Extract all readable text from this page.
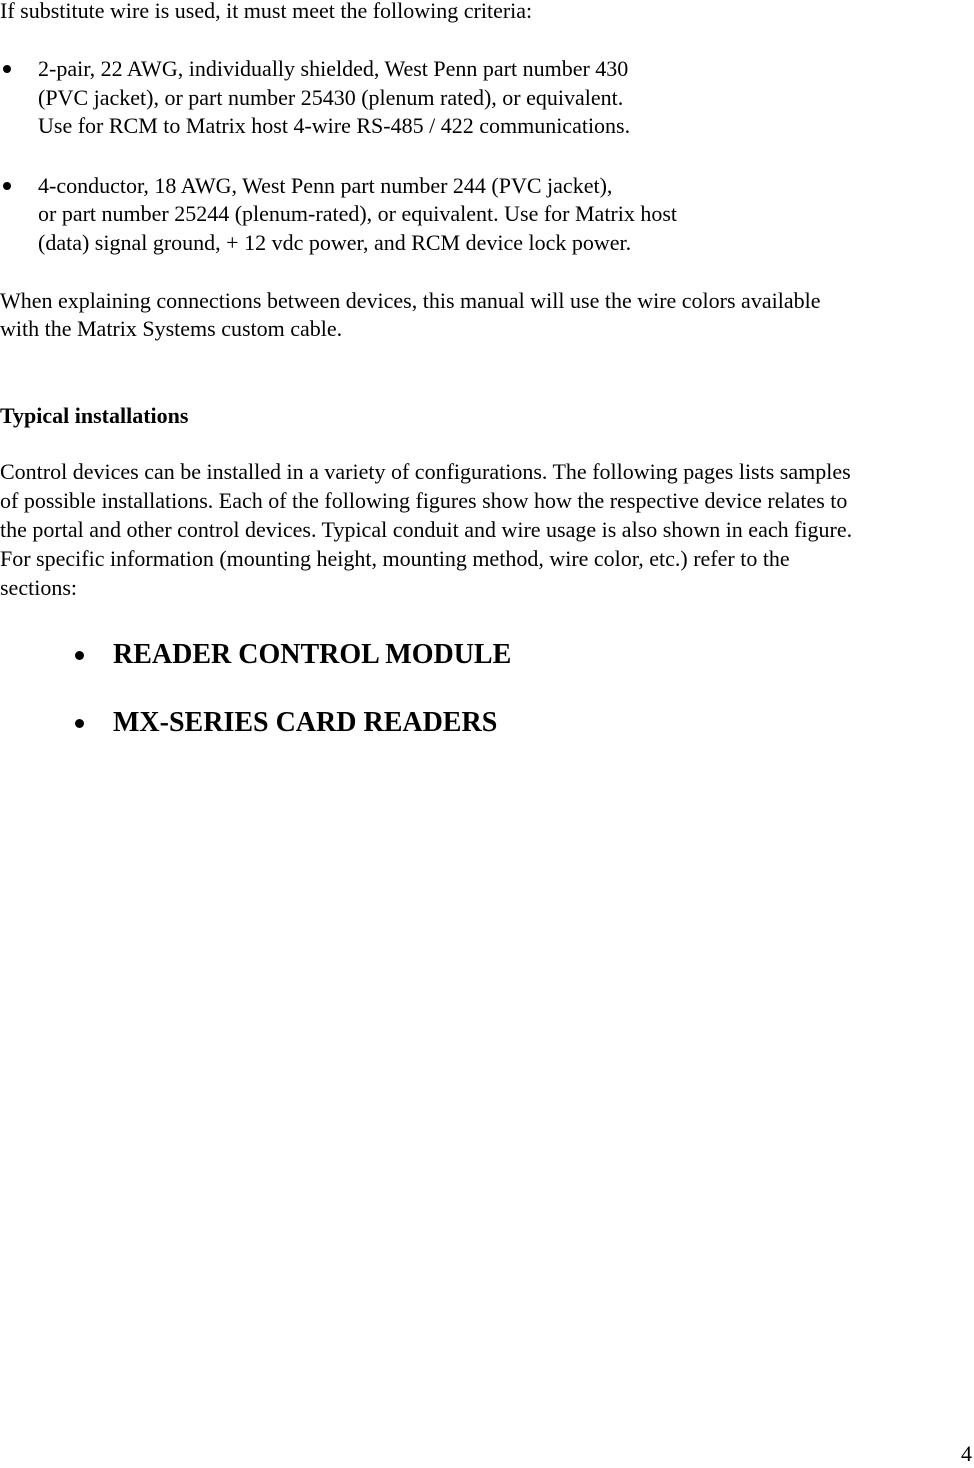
If substitute wire is used, it must meet the following criteria:
2-pair, 22 AWG, individually shielded, West Penn part number 430
(PVC jacket), or part number 25430 (plenum rated), or equivalent.
Use for RCM to Matrix host 4-wire RS-485 / 422 communications.
4-conductor, 18 AWG, West Penn part number 244 (PVC jacket),
or part number 25244 (plenum-rated), or equivalent. Use for Matrix host
(data) signal ground, + 12 vdc power, and RCM device lock power.
When explaining connections between devices, this manual will use the wire colors available
with the Matrix Systems custom cable.
Typical installations
Control devices can be installed in a variety of configurations. The following pages lists samples
of possible installations. Each of the following figures show how the respective device relates to
the portal and other control devices. Typical conduit and wire usage is also shown in each figure.
For specific information (mounting height, mounting method, wire color, etc.) refer to the
sections:
READER CONTROL MODULE
MX-SERIES CARD READERS
4
